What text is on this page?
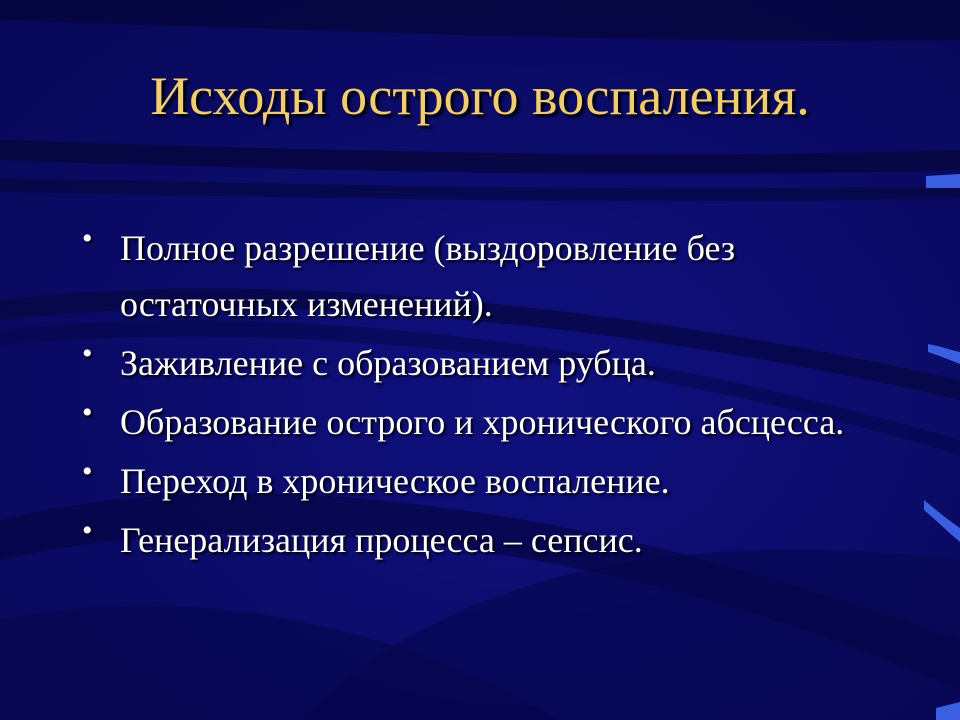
Исходы острого воспаления.
• Полное разрешение (выздоровление без остаточных изменений).
• Заживление с образованием рубца.
• Образование острого и хронического абсцесса.
• Переход в хроническое воспаление.
• Генерализация процесса – сепсис.
